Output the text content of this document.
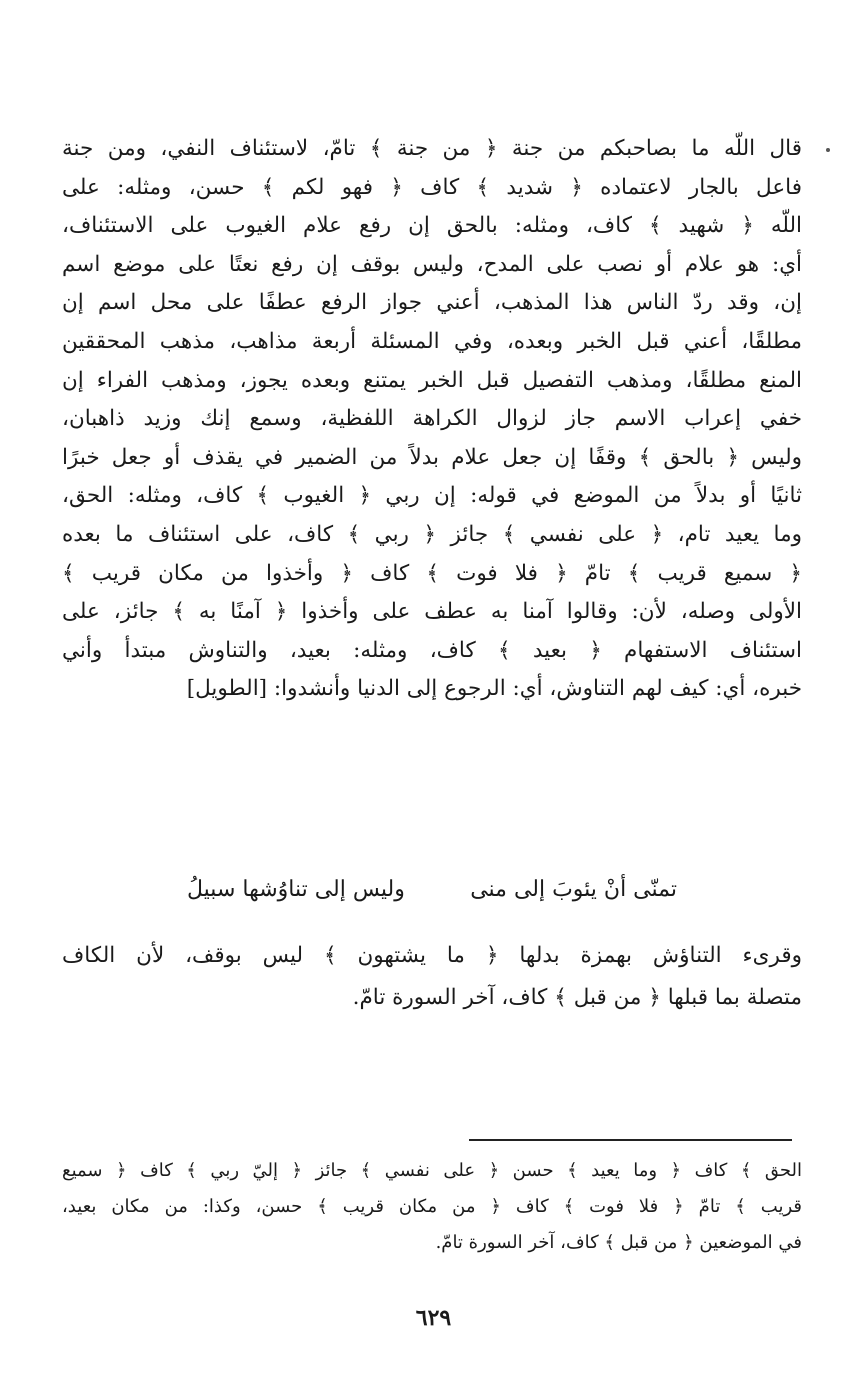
قال اللّه ما بصاحبكم من جنة ﴿ من جنة ﴾ تامّ، لاستئناف النفي، ومن جنة
فاعل بالجار لاعتماده ﴿ شديد ﴾ كاف ﴿ فهو لكم ﴾ حسن، ومثله: على
اللّه ﴿ شهيد ﴾ كاف، ومثله: بالحق إن رفع علام الغيوب على الاستئناف،
أي: هو علام أو نصب على المدح، وليس بوقف إن رفع نعتًا على موضع اسم
إن، وقد ردّ الناس هذا المذهب، أعني جواز الرفع عطفًا على محل اسم إن
مطلقًا، أعني قبل الخبر وبعده، وفي المسئلة أربعة مذاهب، مذهب المحققين
المنع مطلقًا، ومذهب التفصيل قبل الخبر يمتنع وبعده يجوز، ومذهب الفراء إن
خفي إعراب الاسم جاز لزوال الكراهة اللفظية، وسمع إنك وزيد ذاهبان،
وليس ﴿ بالحق ﴾ وقفًا إن جعل علام بدلاً من الضمير في يقذف أو جعل خبرًا
ثانيًا أو بدلاً من الموضع في قوله: إن ربي ﴿ الغيوب ﴾ كاف، ومثله: الحق،
وما يعيد تام، ﴿ على نفسي ﴾ جائز ﴿ ربي ﴾ كاف، على استئناف ما بعده
﴿ سميع قريب ﴾ تامّ ﴿ فلا فوت ﴾ كاف ﴿ وأخذوا من مكان قريب ﴾
الأولى وصله، لأن: وقالوا آمنا به عطف على وأخذوا ﴿ آمنًا به ﴾ جائز، على
استئناف الاستفهام ﴿ بعيد ﴾ كاف، ومثله: بعيد، والتناوش مبتدأ وأني
خبره، أي: كيف لهم التناوش، أي: الرجوع إلى الدنيا وأنشدوا: [الطويل]
تمنّى أنْ يئوبَ إلى منى
وليس إلى تناوُشها سبيلُ
وقرىء التناؤش بهمزة بدلها ﴿ ما يشتهون ﴾ ليس بوقف، لأن الكاف
متصلة بما قبلها ﴿ من قبل ﴾ كاف، آخر السورة تامّ.
الحق ﴾ كاف ﴿ وما يعيد ﴾ حسن ﴿ على نفسي ﴾ جائز ﴿ إليّ ربي ﴾ كاف ﴿ سميع
قريب ﴾ تامّ ﴿ فلا فوت ﴾ كاف ﴿ من مكان قريب ﴾ حسن، وكذا: من مكان بعيد،
في الموضعين ﴿ من قبل ﴾ كاف، آخر السورة تامّ.
٦٢٩
